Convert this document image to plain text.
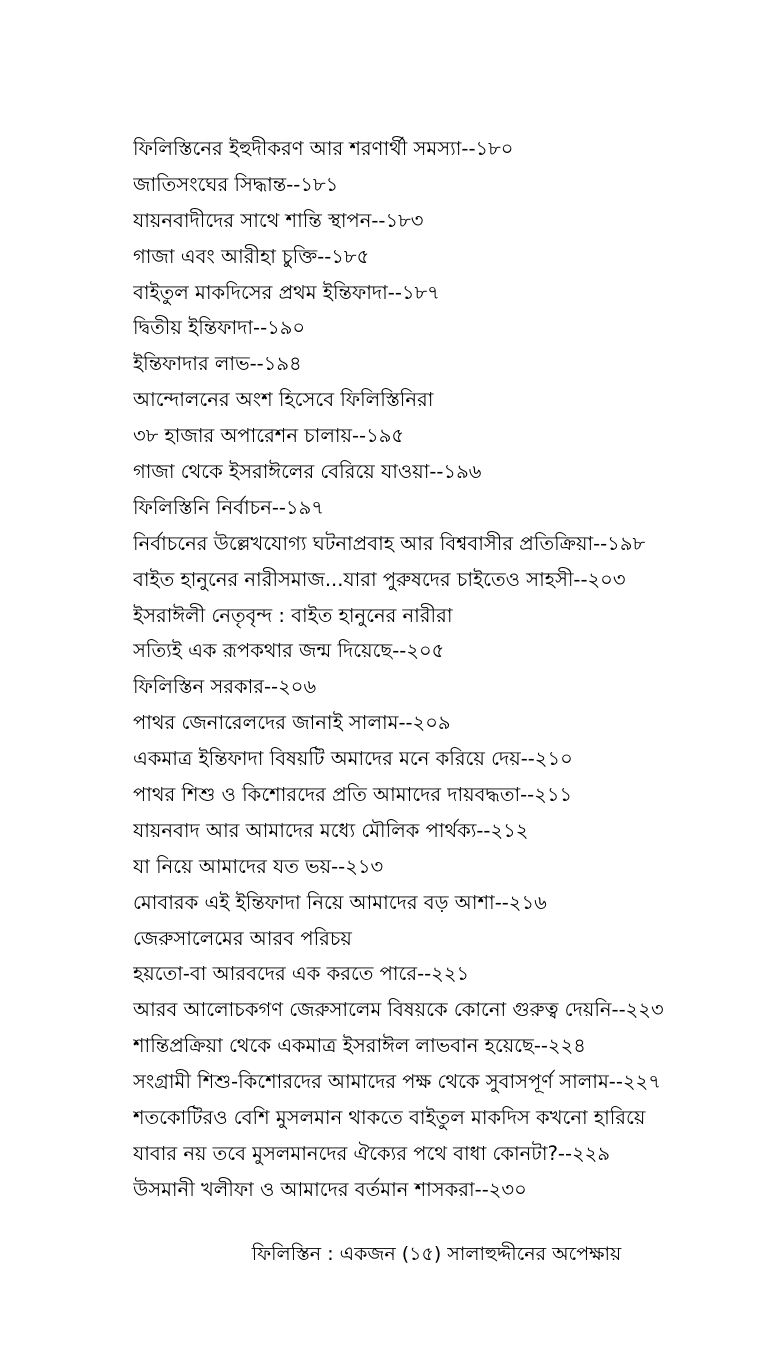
ফিলিস্তিনের ইহুদীকরণ আর শরণার্থী সমস্যা--১৮০
জাতিসংঘের সিদ্ধান্ত--১৮১
যায়নবাদীদের সাথে শান্তি স্থাপন--১৮৩
গাজা এবং আরীহা চুক্তি--১৮৫
বাইতুল মাকদিসের প্রথম ইন্তিফাদা--১৮৭
দ্বিতীয় ইন্তিফাদা--১৯০
ইন্তিফাদার লাভ--১৯৪
আন্দোলনের অংশ হিসেবে ফিলিস্তিনিরা
৩৮ হাজার অপারেশন চালায়--১৯৫
গাজা থেকে ইসরাঈলের বেরিয়ে যাওয়া--১৯৬
ফিলিস্তিনি নির্বাচন--১৯৭
নির্বাচনের উল্লেখযোগ্য ঘটনাপ্রবাহ আর বিশ্ববাসীর প্রতিক্রিয়া--১৯৮
বাইত হানুনের নারীসমাজ...যারা পুরুষদের চাইতেও সাহসী--২০৩
ইসরাঈলী নেতৃবৃন্দ : বাইত হানুনের নারীরা
সত্যিই এক রূপকথার জন্ম দিয়েছে--২০৫
ফিলিস্তিন সরকার--২০৬
পাথর জেনারেলদের জানাই সালাম--২০৯
একমাত্র ইন্তিফাদা বিষয়টি অমাদের মনে করিয়ে দেয়--২১০
পাথর শিশু ও কিশোরদের প্রতি আমাদের দায়বদ্ধতা--২১১
যায়নবাদ আর আমাদের মধ্যে মৌলিক পার্থক্য--২১২
যা নিয়ে আমাদের যত ভয়--২১৩
মোবারক এই ইন্তিফাদা নিয়ে আমাদের বড় আশা--২১৬
জেরুসালেমের আরব পরিচয়
হয়তো-বা আরবদের এক করতে পারে--২২১
আরব আলোচকগণ জেরুসালেম বিষয়কে কোনো গুরুত্ব দেয়নি--২২৩
শান্তিপ্রক্রিয়া থেকে একমাত্র ইসরাঈল লাভবান হয়েছে--২২৪
সংগ্রামী শিশু-কিশোরদের আমাদের পক্ষ থেকে সুবাসপূর্ণ সালাম--২২৭
শতকোটিরও বেশি মুসলমান থাকতে বাইতুল মাকদিস কখনো হারিয়ে
যাবার নয় তবে মুসলমানদের ঐক্যের পথে বাধা কোনটা?--২২৯
উসমানী খলীফা ও আমাদের বর্তমান শাসকরা--২৩০
ফিলিস্তিন : একজন (১৫) সালাহুদ্দীনের অপেক্ষায়
